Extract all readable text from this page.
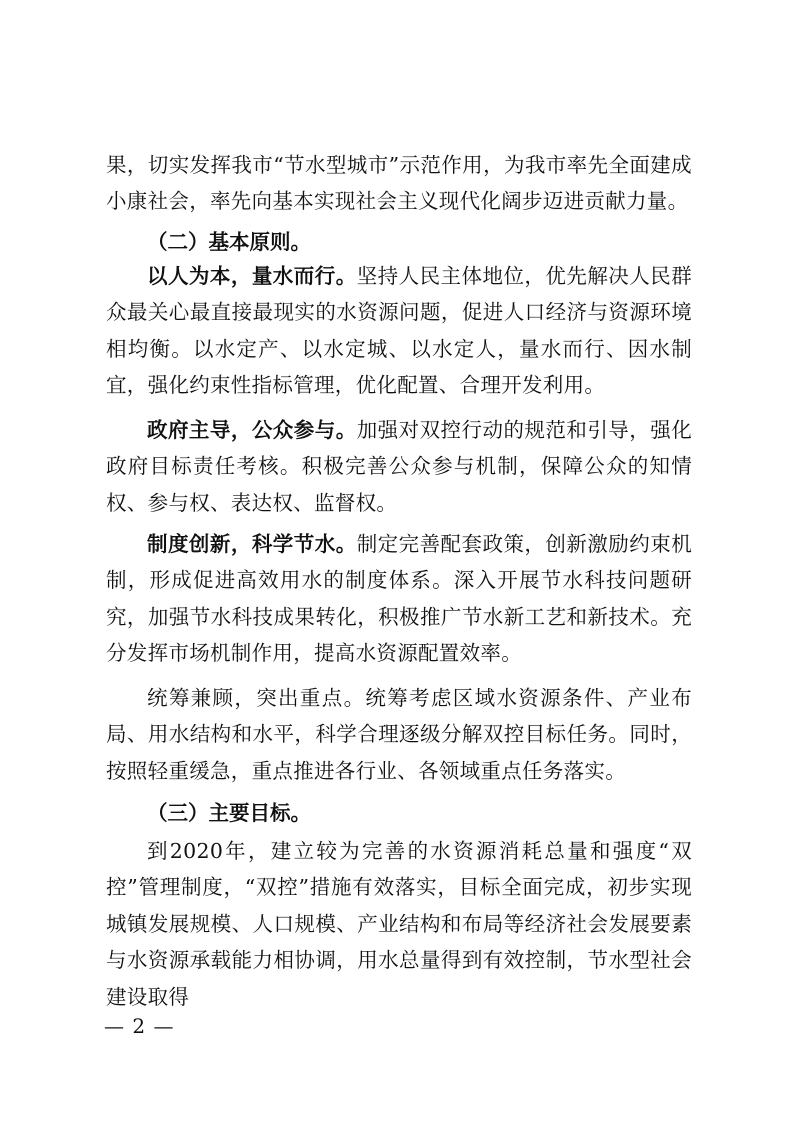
果，切实发挥我市“节水型城市”示范作用，为我市率先全面建成小康社会，率先向基本实现社会主义现代化阔步迈进贡献力量。

（二）基本原则。

以人为本，量水而行。坚持人民主体地位，优先解决人民群众最关心最直接最现实的水资源问题，促进人口经济与资源环境相均衡。以水定产、以水定城、以水定人，量水而行、因水制宜，强化约束性指标管理，优化配置、合理开发利用。

政府主导，公众参与。加强对双控行动的规范和引导，强化政府目标责任考核。积极完善公众参与机制，保障公众的知情权、参与权、表达权、监督权。

制度创新，科学节水。制定完善配套政策，创新激励约束机制，形成促进高效用水的制度体系。深入开展节水科技问题研究，加强节水科技成果转化，积极推广节水新工艺和新技术。充分发挥市场机制作用，提高水资源配置效率。

统筹兼顾，突出重点。统筹考虑区域水资源条件、产业布局、用水结构和水平，科学合理逐级分解双控目标任务。同时，按照轻重缓急，重点推进各行业、各领域重点任务落实。

（三）主要目标。

到2020年，建立较为完善的水资源消耗总量和强度“双控”管理制度，“双控”措施有效落实，目标全面完成，初步实现城镇发展规模、人口规模、产业结构和布局等经济社会发展要素与水资源承载能力相协调，用水总量得到有效控制，节水型社会建设取得

— 2 —
